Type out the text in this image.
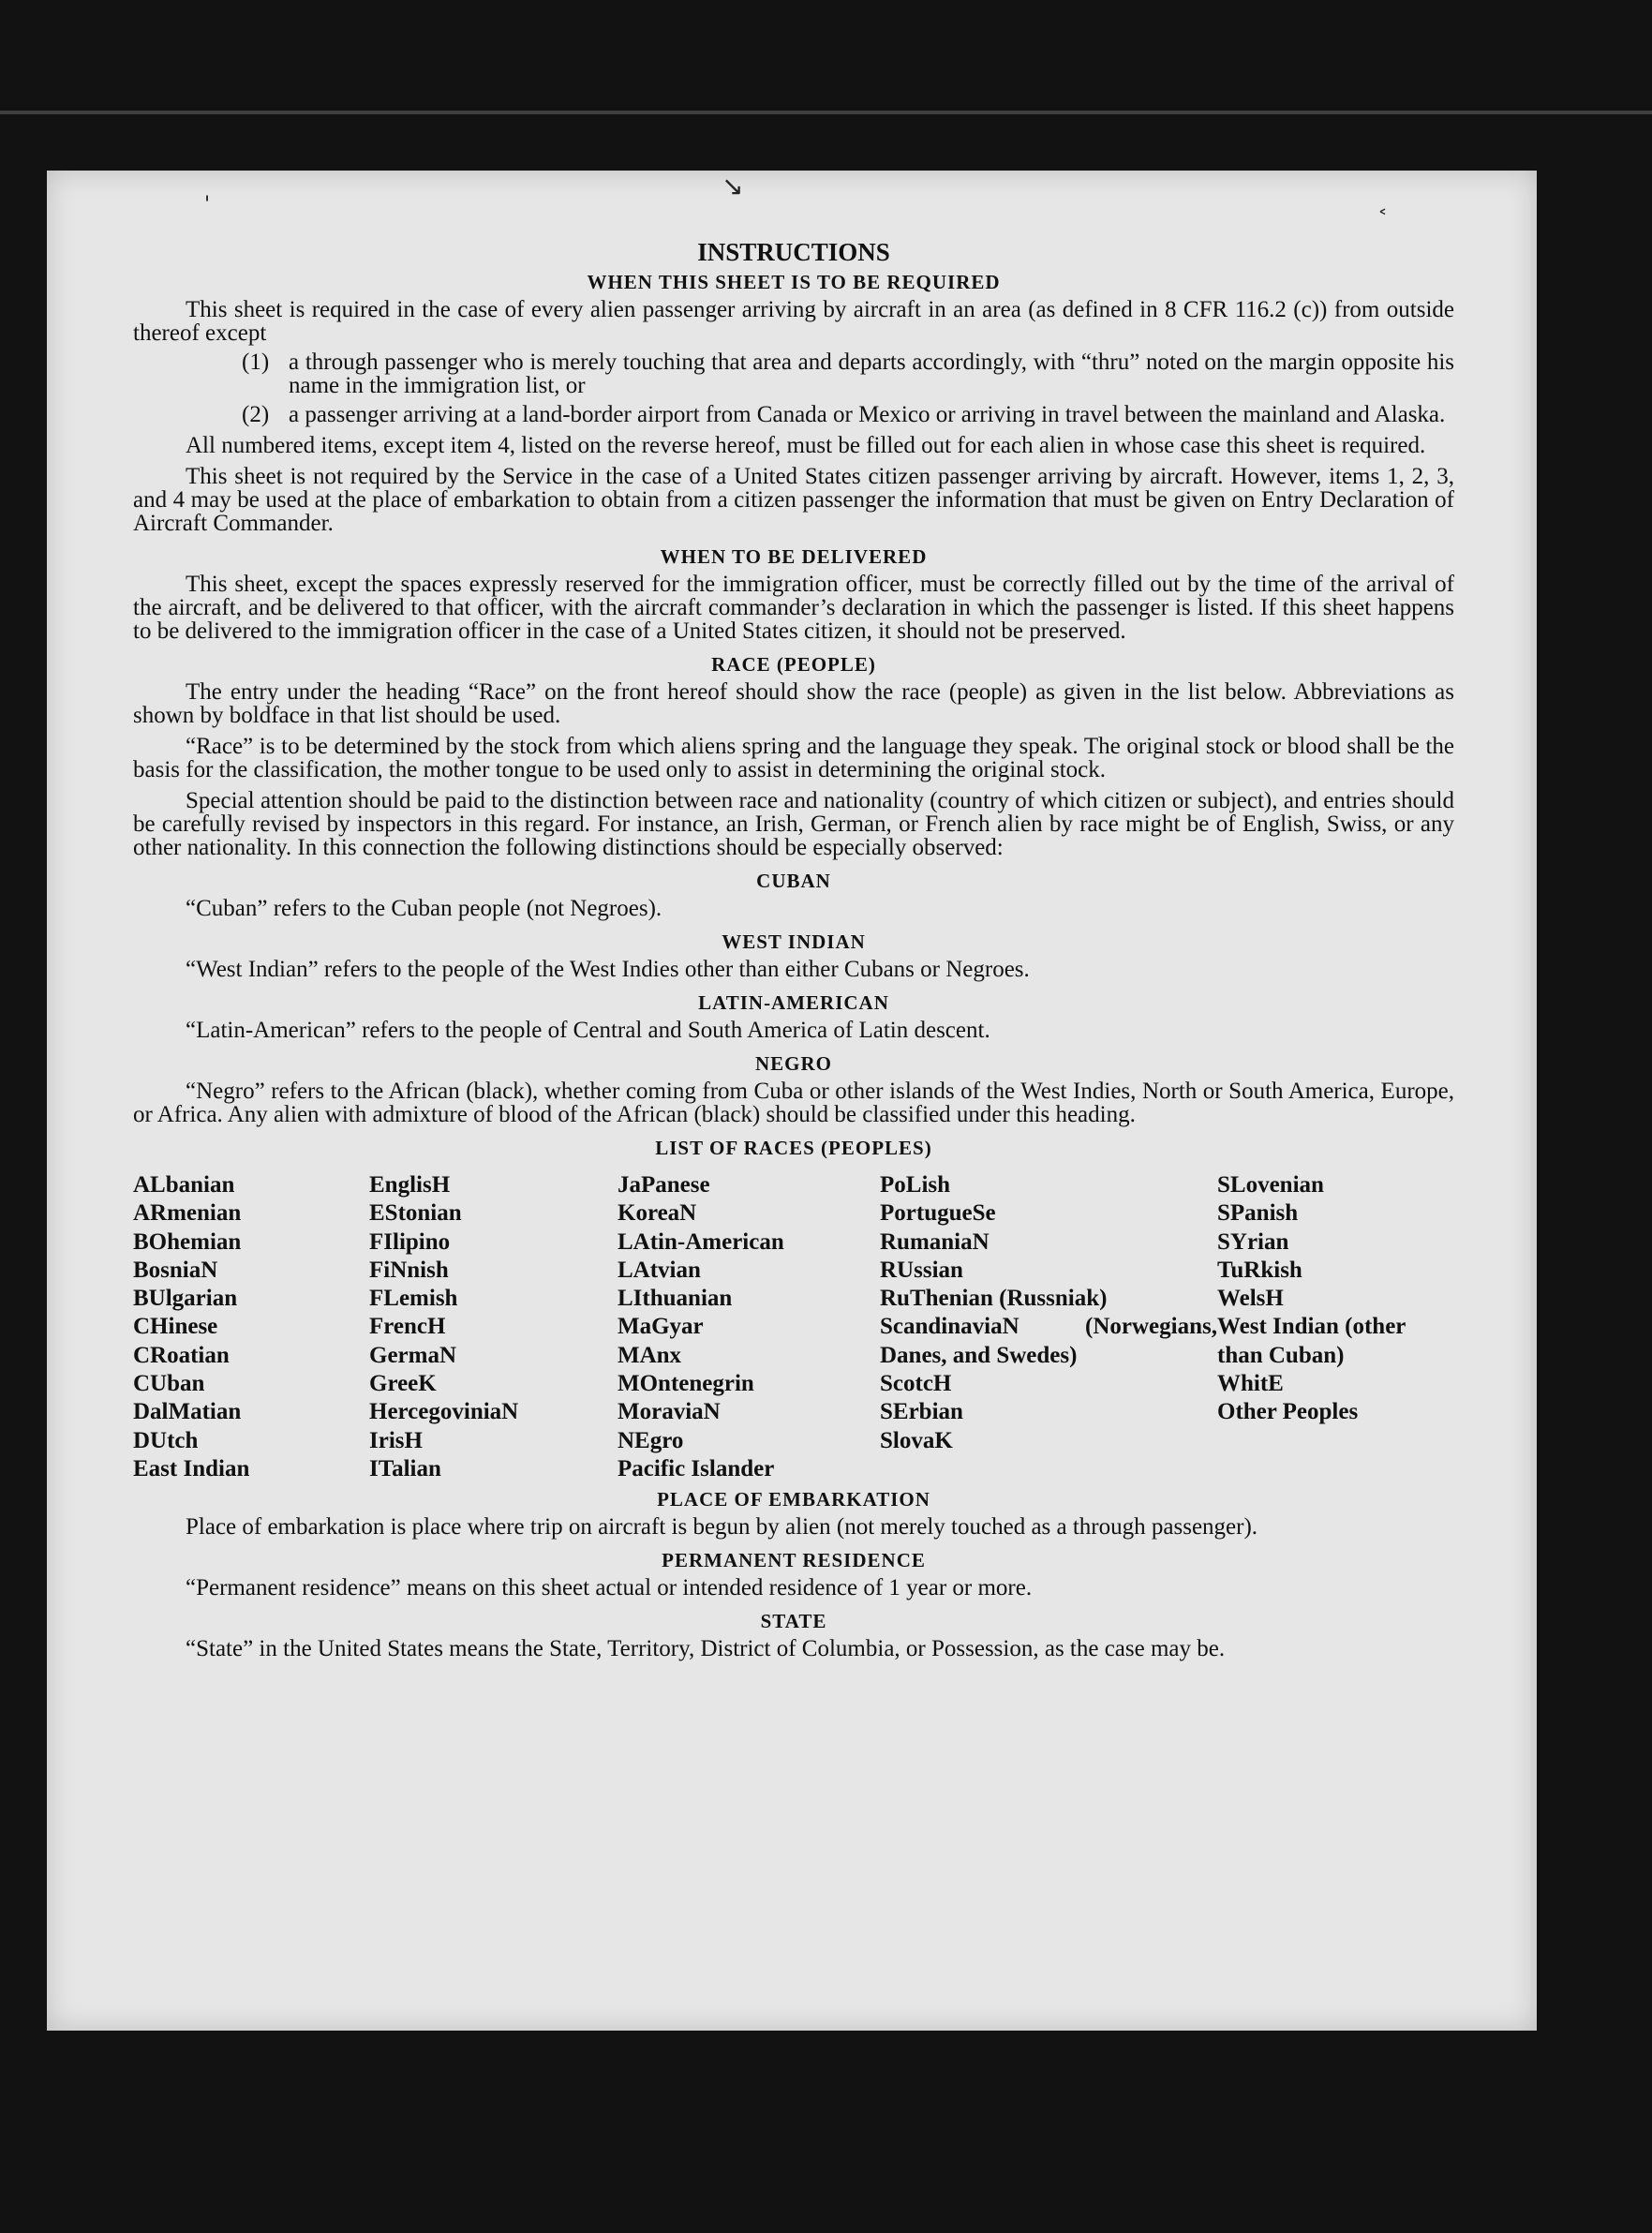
INSTRUCTIONS
WHEN THIS SHEET IS TO BE REQUIRED

This sheet is required in the case of every alien passenger arriving by aircraft in an area (as defined in 8 CFR 116.2 (c)) from outside thereof except

(1) a through passenger who is merely touching that area and departs accordingly, with “thru” noted on the margin opposite his name in the immigration list, or
(2) a passenger arriving at a land-border airport from Canada or Mexico or arriving in travel between the mainland and Alaska.

All numbered items, except item 4, listed on the reverse hereof, must be filled out for each alien in whose case this sheet is required.

This sheet is not required by the Service in the case of a United States citizen passenger arriving by aircraft. However, items 1, 2, 3, and 4 may be used at the place of embarkation to obtain from a citizen passenger the information that must be given on Entry Declaration of Aircraft Commander.

WHEN TO BE DELIVERED

This sheet, except the spaces expressly reserved for the immigration officer, must be correctly filled out by the time of the arrival of the aircraft, and be delivered to that officer, with the aircraft commander’s declaration in which the passenger is listed. If this sheet happens to be delivered to the immigration officer in the case of a United States citizen, it should not be preserved.

RACE (PEOPLE)

The entry under the heading “Race” on the front hereof should show the race (people) as given in the list below. Abbreviations as shown by boldface in that list should be used.

“Race” is to be determined by the stock from which aliens spring and the language they speak. The original stock or blood shall be the basis for the classification, the mother tongue to be used only to assist in determining the original stock.

Special attention should be paid to the distinction between race and nationality (country of which citizen or subject), and entries should be carefully revised by inspectors in this regard. For instance, an Irish, German, or French alien by race might be of English, Swiss, or any other nationality. In this connection the following distinctions should be especially observed:

CUBAN

“Cuban” refers to the Cuban people (not Negroes).

WEST INDIAN

“West Indian” refers to the people of the West Indies other than either Cubans or Negroes.

LATIN-AMERICAN

“Latin-American” refers to the people of Central and South America of Latin descent.

NEGRO

“Negro” refers to the African (black), whether coming from Cuba or other islands of the West Indies, North or South America, Europe, or Africa. Any alien with admixture of blood of the African (black) should be classified under this heading.

LIST OF RACES (PEOPLES)
ALbanian
ARmenian
BOhemian
BosniaN
BUlgarian
CHinese
CRoatian
CUban
DalMatian
DUtch
East Indian
EnglisH
EStonian
FIlipino
FiNnish
FLemish
FrencH
GermaN
GreeK
HercegoviniaN
IrisH
ITalian
JaPanese
KoreaN
LAtin-American
LAtvian
LIthuanian
MaGyar
MAnx
MOntenegrin
MoraviaN
NEgro
Pacific Islander
PoLish
PortugueSe
RumaniaN
RUssian
RuThenian (Russniak)
ScandinaviaN (Norwegians, Danes, and Swedes)
ScotcH
SErbian
SlovaK
SLovenian
SPanish
SYrian
TuRkish
WelsH
West Indian (other than Cuban)
WhitE
Other Peoples
PLACE OF EMBARKATION

Place of embarkation is place where trip on aircraft is begun by alien (not merely touched as a through passenger).

PERMANENT RESIDENCE

“Permanent residence” means on this sheet actual or intended residence of 1 year or more.

STATE

“State” in the United States means the State, Territory, District of Columbia, or Possession, as the case may be.

'
↘
˂
